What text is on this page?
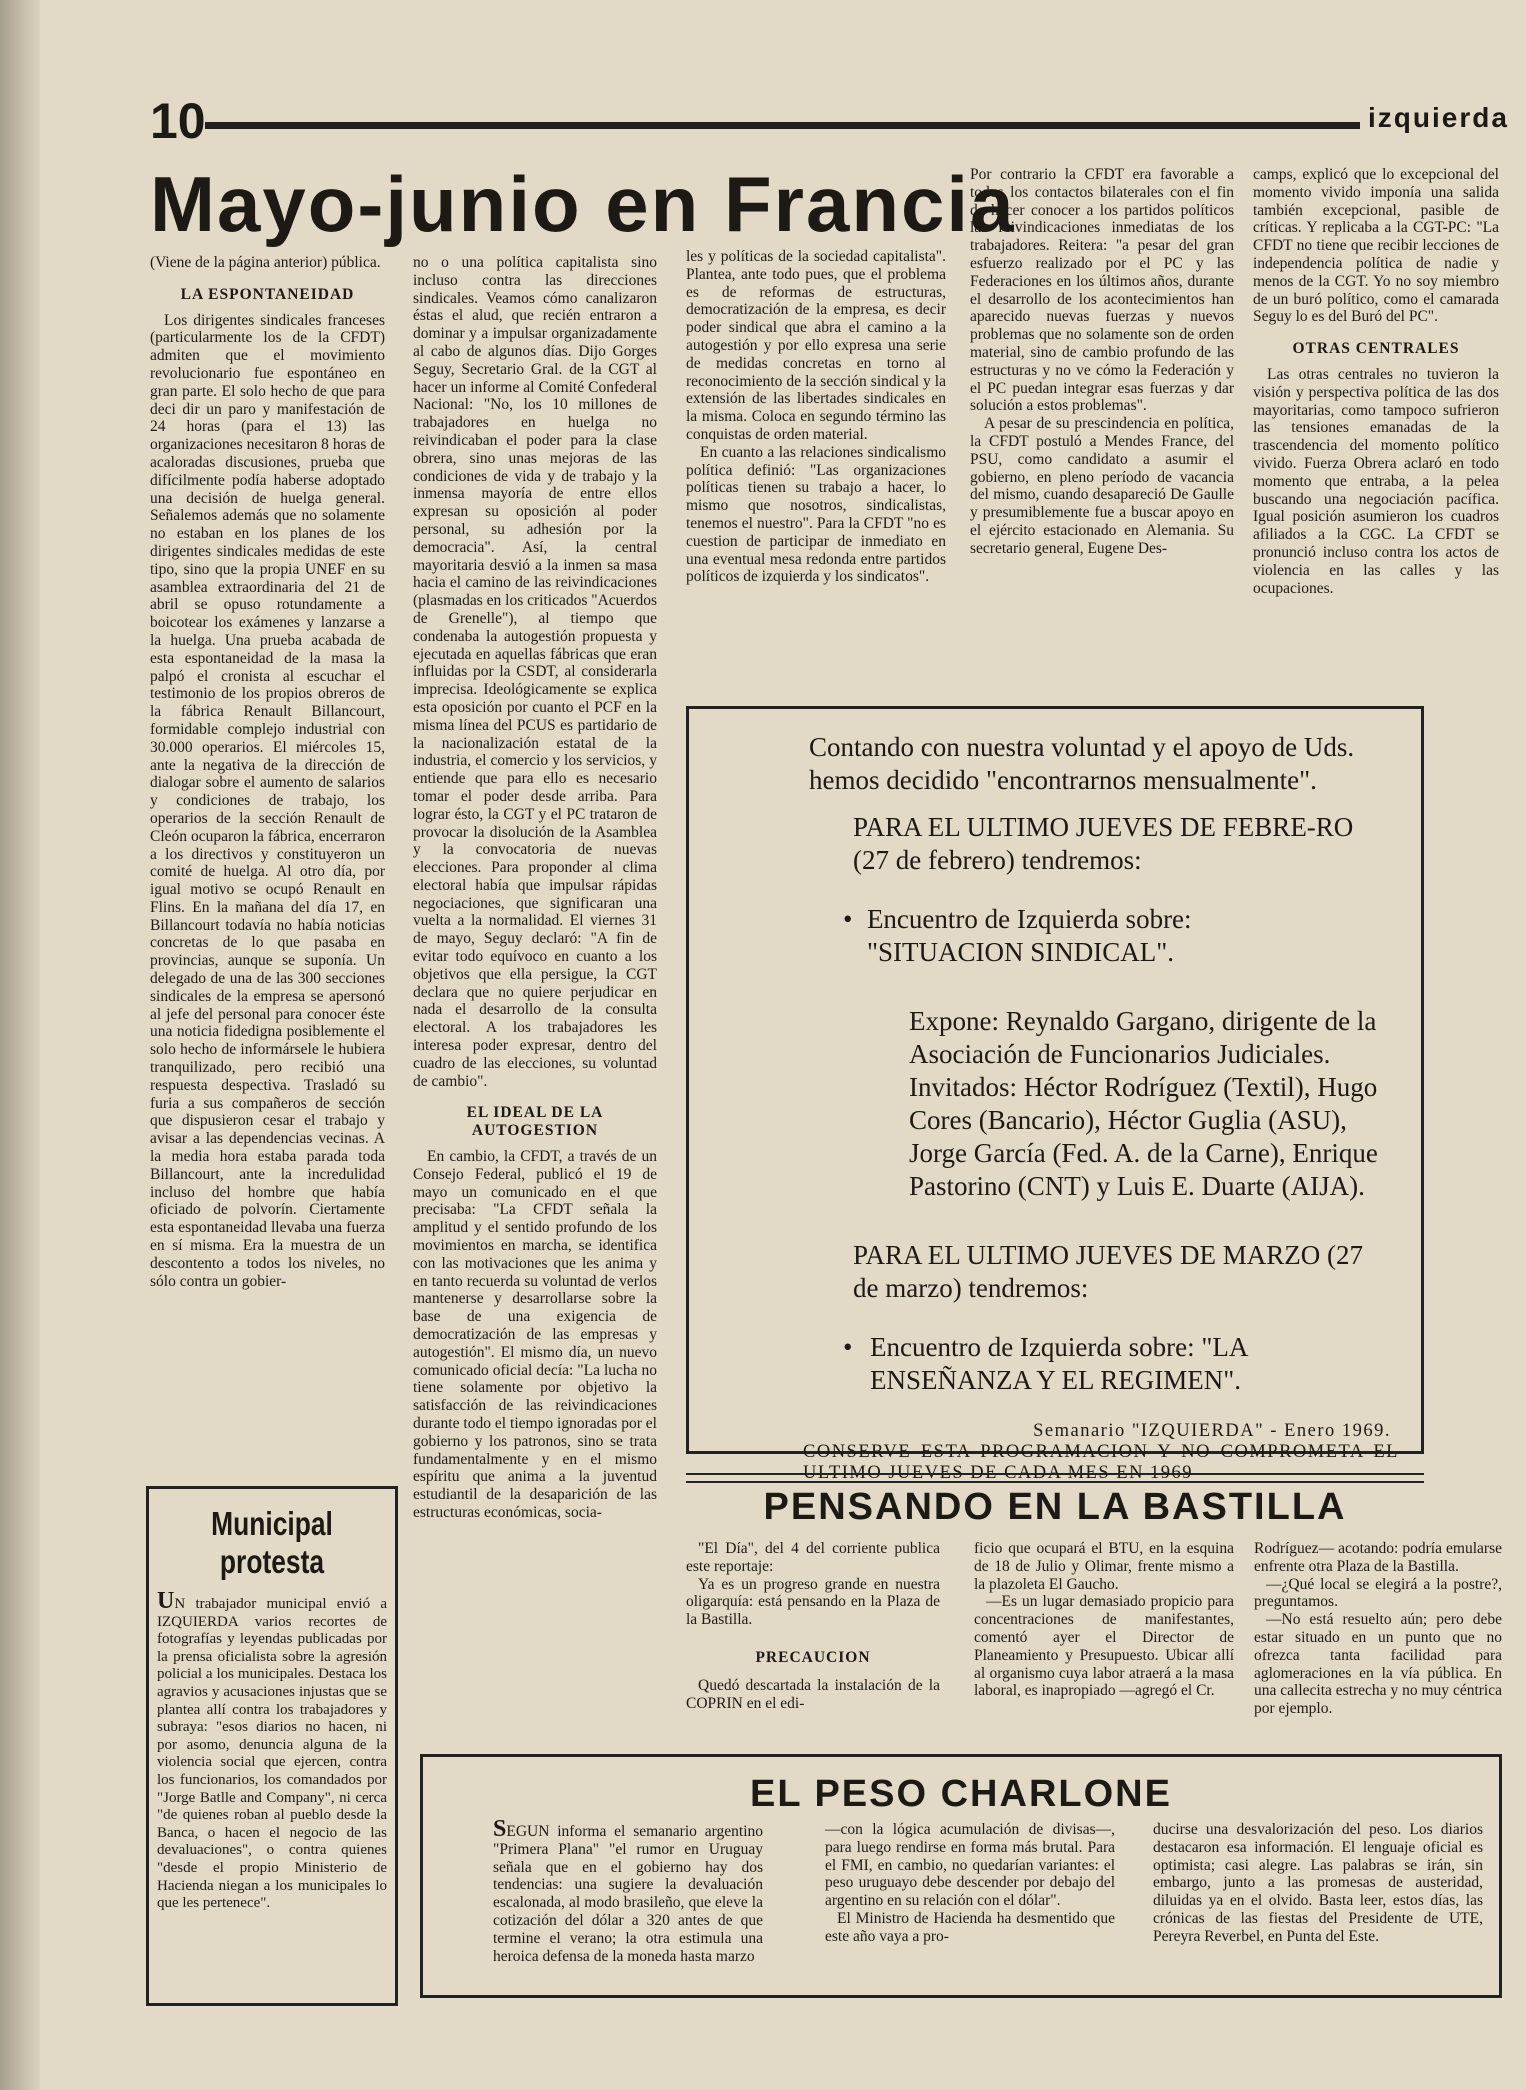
10	izquierda
Mayo-junio en Francia

(Viene de la página anterior) pública.

LA ESPONTANEIDAD

Los dirigentes sindicales franceses (particularmente los de la CFDT) admiten que el movimiento revolucionario fue espontáneo en gran parte. El solo hecho de que para deci dir un paro y manifestación de 24 horas (para el 13) las organizaciones necesitaron 8 horas de acaloradas discusiones, prueba que difícilmente podía haberse adoptado una decisión de huelga general. Señalemos además que no solamente no estaban en los planes de los dirigentes sindicales medidas de este tipo, sino que la propia UNEF en su asamblea extraordinaria del 21 de abril se opuso rotundamente a boicotear los exámenes y lanzarse a la huelga. Una prueba acabada de esta espontaneidad de la masa la palpó el cronista al escuchar el testimonio de los propios obreros de la fábrica Renault Billancourt, formidable complejo industrial con 30.000 operarios. El miércoles 15, ante la negativa de la dirección de dialogar sobre el aumento de salarios y condiciones de trabajo, los operarios de la sección Renault de Cleón ocuparon la fábrica, encerraron a los directivos y constituyeron un comité de huelga. Al otro día, por igual motivo se ocupó Renault en Flins. En la mañana del día 17, en Billancourt todavía no había noticias concretas de lo que pasaba en provincias, aunque se suponía. Un delegado de una de las 300 secciones sindicales de la empresa se apersonó al jefe del personal para conocer éste una noticia fidedigna posiblemente el solo hecho de informársele le hubiera tranquilizado, pero recibió una respuesta despectiva. Trasladó su furia a sus compañeros de sección que dispusieron cesar el trabajo y avisar a las dependencias vecinas. A la media hora estaba parada toda Billancourt, ante la incredulidad incluso del hombre que había oficiado de polvorín. Ciertamente esta espontaneidad llevaba una fuerza en sí misma. Era la muestra de un descontento a todos los niveles, no sólo contra un gobier-

no o una política capitalista sino incluso contra las direcciones sindicales. Veamos cómo canalizaron éstas el alud, que recién entraron a dominar y a impulsar organizadamente al cabo de algunos días. Dijo Gorges Seguy, Secretario Gral. de la CGT al hacer un informe al Comité Confederal Nacional: "No, los 10 millones de trabajadores en huelga no reivindicaban el poder para la clase obrera, sino unas mejoras de las condiciones de vida y de trabajo y la inmensa mayoría de entre ellos expresan su oposición al poder personal, su adhesión por la democracia". Así, la central mayoritaria desvió a la inmen sa masa hacia el camino de las reivindicaciones (plasmadas en los criticados "Acuerdos de Grenelle"), al tiempo que condenaba la autogestión propuesta y ejecutada en aquellas fábricas que eran influidas por la CSDT, al considerarla imprecisa. Ideológicamente se explica esta oposición por cuanto el PCF en la misma línea del PCUS es partidario de la nacionalización estatal de la industria, el comercio y los servicios, y entiende que para ello es necesario tomar el poder desde arriba. Para lograr ésto, la CGT y el PC trataron de provocar la disolución de la Asamblea y la convocatoria de nuevas elecciones. Para proponder al clima electoral había que impulsar rápidas negociaciones, que significaran una vuelta a la normalidad. El viernes 31 de mayo, Seguy declaró: "A fin de evitar todo equívoco en cuanto a los objetivos que ella persigue, la CGT declara que no quiere perjudicar en nada el desarrollo de la consulta electoral. A los trabajadores les interesa poder expresar, dentro del cuadro de las elecciones, su voluntad de cambio".

EL IDEAL DE LA AUTOGESTION

En cambio, la CFDT, a través de un Consejo Federal, publicó el 19 de mayo un comunicado en el que precisaba: "La CFDT señala la amplitud y el sentido profundo de los movimientos en marcha, se identifica con las motivaciones que les anima y en tanto recuerda su voluntad de verlos mantenerse y desarrollarse sobre la base de una exigencia de democratización de las empresas y autogestión". El mismo día, un nuevo comunicado oficial decía: "La lucha no tiene solamente por objetivo la satisfacción de las reivindicaciones durante todo el tiempo ignoradas por el gobierno y los patronos, sino se trata fundamentalmente y en el mismo espíritu que anima a la juventud estudiantil de la desaparición de las estructuras económicas, socia-

les y políticas de la sociedad capitalista". Plantea, ante todo pues, que el problema es de reformas de estructuras, democratización de la empresa, es decir poder sindical que abra el camino a la autogestión y por ello expresa una serie de medidas concretas en torno al reconocimiento de la sección sindical y la extensión de las libertades sindicales en la misma. Coloca en segundo término las conquistas de orden material.

En cuanto a las relaciones sindicalismo política definió: "Las organizaciones políticas tienen su trabajo a hacer, lo mismo que nosotros, sindicalistas, tenemos el nuestro". Para la CFDT "no es cuestion de participar de inmediato en una eventual mesa redonda entre partidos políticos de izquierda y los sindicatos".

Por contrario la CFDT era favorable a todos los contactos bilaterales con el fin de hacer conocer a los partidos políticos las reivindicaciones inmediatas de los trabajadores. Reitera: "a pesar del gran esfuerzo realizado por el PC y las Federaciones en los últimos años, durante el desarrollo de los acontecimientos han aparecido nuevas fuerzas y nuevos problemas que no solamente son de orden material, sino de cambio profundo de las estructuras y no ve cómo la Federación y el PC puedan integrar esas fuerzas y dar solución a estos problemas".

A pesar de su prescindencia en política, la CFDT postuló a Mendes France, del PSU, como candidato a asumir el gobierno, en pleno período de vacancia del mismo, cuando desapareció De Gaulle y presumiblemente fue a buscar apoyo en el ejército estacionado en Alemania. Su secretario general, Eugene Des-

camps, explicó que lo excepcional del momento vivido imponía una salida también excepcional, pasible de críticas. Y replicaba a la CGT-PC: "La CFDT no tiene que recibir lecciones de independencia política de nadie y menos de la CGT. Yo no soy miembro de un buró político, como el camarada Seguy lo es del Buró del PC".

OTRAS CENTRALES

Las otras centrales no tuvieron la visión y perspectiva política de las dos mayoritarias, como tampoco sufrieron las tensiones emanadas de la trascendencia del momento político vivido. Fuerza Obrera aclaró en todo momento que entraba, a la pelea buscando una negociación pacífica. Igual posición asumieron los cuadros afiliados a la CGC. La CFDT se pronunció incluso contra los actos de violencia en las calles y las ocupaciones.

Contando con nuestra voluntad y el apoyo de Uds. hemos decidido "encontrarnos mensualmente".

PARA EL ULTIMO JUEVES DE FEBRE-RO (27 de febrero) tendremos:

• Encuentro de Izquierda sobre: "SITUACION SINDICAL".

Expone: Reynaldo Gargano, dirigente de la Asociación de Funcionarios Judiciales.

Invitados: Héctor Rodríguez (Textil), Hugo Cores (Bancario), Héctor Guglia (ASU), Jorge García (Fed. A. de la Carne), Enrique Pastorino (CNT) y Luis E. Duarte (AIJA).

PARA EL ULTIMO JUEVES DE MARZO (27 de marzo) tendremos:

• Encuentro de Izquierda sobre: "LA ENSEÑANZA Y EL REGIMEN".

Semanario "IZQUIERDA" - Enero 1969.

CONSERVE ESTA PROGRAMACION Y NO COMPROMETA EL ULTIMO JUEVES DE CADA MES EN 1969

Municipal protesta
UN trabajador municipal envió a IZQUIERDA varios recortes de fotografías y leyendas publicadas por la prensa oficialista sobre la agresión policial a los municipales. Destaca los agravios y acusaciones injustas que se plantea allí contra los trabajadores y subraya: "esos diarios no hacen, ni por asomo, denuncia alguna de la violencia social que ejercen, contra los funcionarios, los comandados por "Jorge Batlle and Company", ni cerca "de quienes roban al pueblo desde la Banca, o hacen el negocio de las devaluaciones", o contra quienes "desde el propio Ministerio de Hacienda niegan a los municipales lo que les pertenece".
PENSANDO EN LA BASTILLA

"El Día", del 4 del corriente publica este reportaje:

Ya es un progreso grande en nuestra oligarquía: está pensando en la Plaza de la Bastilla.

PRECAUCION

Quedó descartada la instalación de la COPRIN en el edi-

ficio que ocupará el BTU, en la esquina de 18 de Julio y Olimar, frente mismo a la plazoleta El Gaucho.

—Es un lugar demasiado propicio para concentraciones de manifestantes, comentó ayer el Director de Planeamiento y Presupuesto. Ubicar allí al organismo cuya labor atraerá a la masa laboral, es inapropiado —agregó el Cr.

Rodríguez— acotando: podría emularse enfrente otra Plaza de la Bastilla.

—¿Qué local se elegirá a la postre?, preguntamos.

—No está resuelto aún; pero debe estar situado en un punto que no ofrezca tanta facilidad para aglomeraciones en la vía pública. En una callecita estrecha y no muy céntrica por ejemplo.

EL PESO CHARLONE
SEGUN informa el semanario argentino "Primera Plana" "el rumor en Uruguay señala que en el gobierno hay dos tendencias: una sugiere la devaluación escalonada, al modo brasileño, que eleve la cotización del dólar a 320 antes de que termine el verano; la otra estimula una heroica defensa de la moneda hasta marzo

—con la lógica acumulación de divisas—, para luego rendirse en forma más brutal. Para el FMI, en cambio, no quedarían variantes: el peso uruguayo debe descender por debajo del argentino en su relación con el dólar".

El Ministro de Hacienda ha desmentido que este año vaya a pro-

ducirse una desvalorización del peso. Los diarios destacaron esa información. El lenguaje oficial es optimista; casi alegre. Las palabras se irán, sin embargo, junto a las promesas de austeridad, diluidas ya en el olvido. Basta leer, estos días, las crónicas de las fiestas del Presidente de UTE, Pereyra Reverbel, en Punta del Este.
